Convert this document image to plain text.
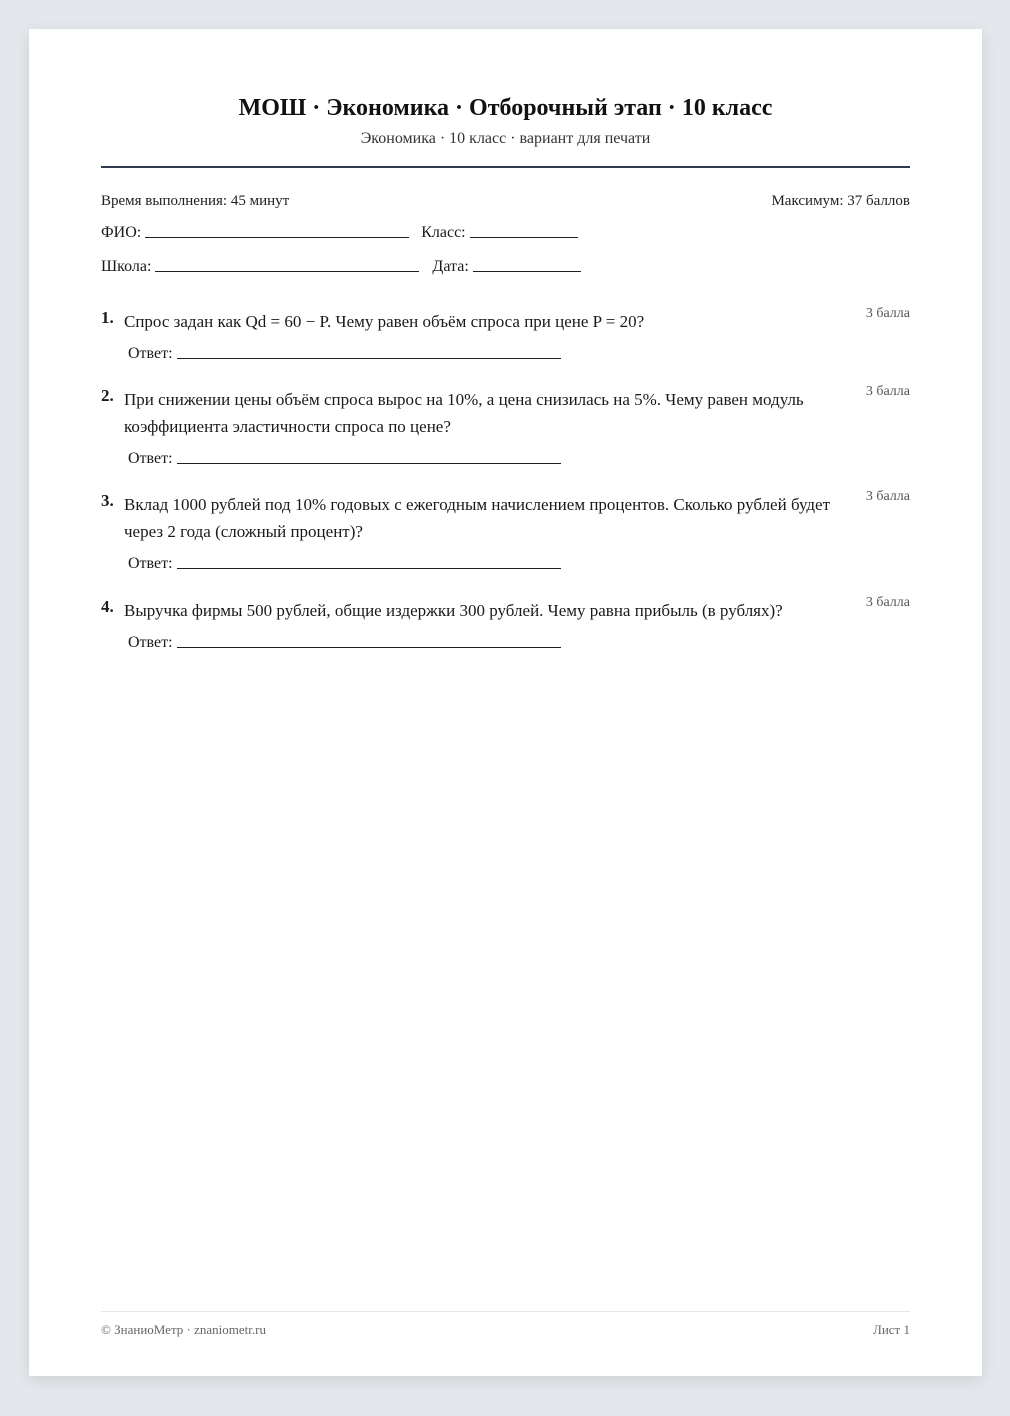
МОШ · Экономика · Отборочный этап · 10 класс
Экономика · 10 класс · вариант для печати
Время выполнения: 45 минут	Максимум: 37 баллов
ФИО:	Класс:
Школа:	Дата:
1. Спрос задан как Qd = 60 − P. Чему равен объём спроса при цене P = 20?	3 балла
Ответ:
2. При снижении цены объём спроса вырос на 10%, а цена снизилась на 5%. Чему равен модуль коэффициента эластичности спроса по цене?
3 балла
Ответ:
3. Вклад 1000 рублей под 10% годовых с ежегодным начислением процентов. Сколько рублей будет через 2 года (сложный процент)?
3 балла
Ответ:
4. Выручка фирмы 500 рублей, общие издержки 300 рублей. Чему равна прибыль (в рублях)?	3 балла
Ответ:
© ЗнаниоМетр · znaniometr.ru	Лист 1
